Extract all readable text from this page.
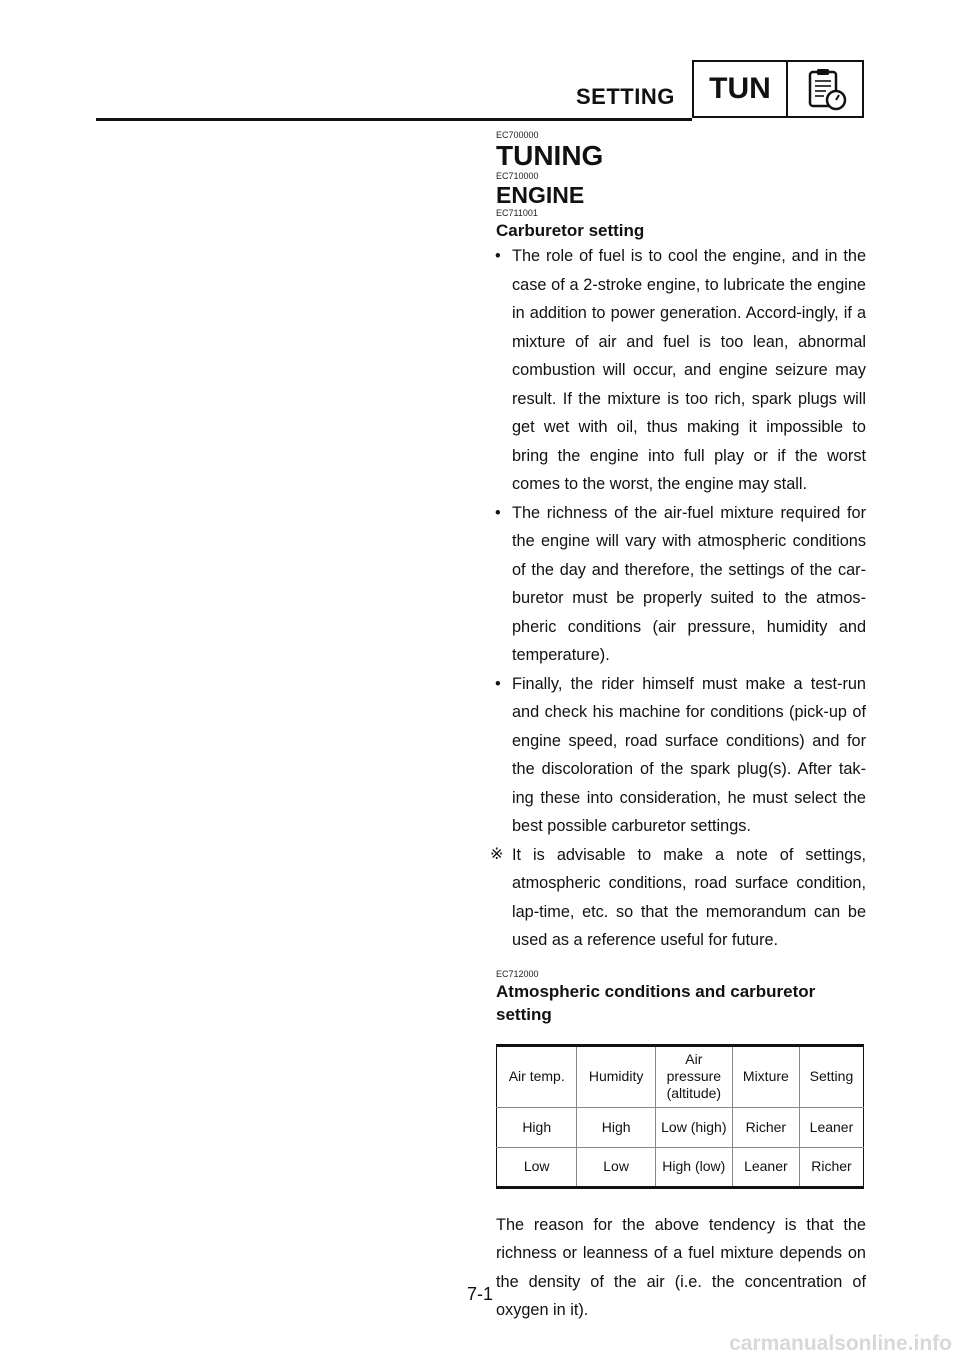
SETTING	TUN
EC700000
TUNING
EC710000
ENGINE
EC711001
Carburetor setting
• The role of fuel is to cool the engine, and in the case of a 2-stroke engine, to lubricate the engine in addition to power generation. Accord-ingly, if a mixture of air and fuel is too lean, abnormal combustion will occur, and engine seizure may result. If the mixture is too rich, spark plugs will get wet with oil, thus making it impossible to bring the engine into full play or if the worst comes to the worst, the engine may stall.
• The richness of the air-fuel mixture required for the engine will vary with atmospheric conditions of the day and therefore, the settings of the car-buretor must be properly suited to the atmos-pheric conditions (air pressure, humidity and temperature).
• Finally, the rider himself must make a test-run and check his machine for conditions (pick-up of engine speed, road surface conditions) and for the discoloration of the spark plug(s). After tak-ing these into consideration, he must select the best possible carburetor settings.
※ It is advisable to make a note of settings, atmospheric conditions, road surface condition, lap-time, etc. so that the memorandum can be used as a reference useful for future.
EC712000
Atmospheric conditions and carburetor setting
Air temp.	Humidity	Air pressure (altitude)	Mixture	Setting
High	High	Low (high)	Richer	Leaner
Low	Low	High (low)	Leaner	Richer
The reason for the above tendency is that the richness or leanness of a fuel mixture depends on the density of the air (i.e. the concentration of oxygen in it).
7-1
carmanualsonline.info
